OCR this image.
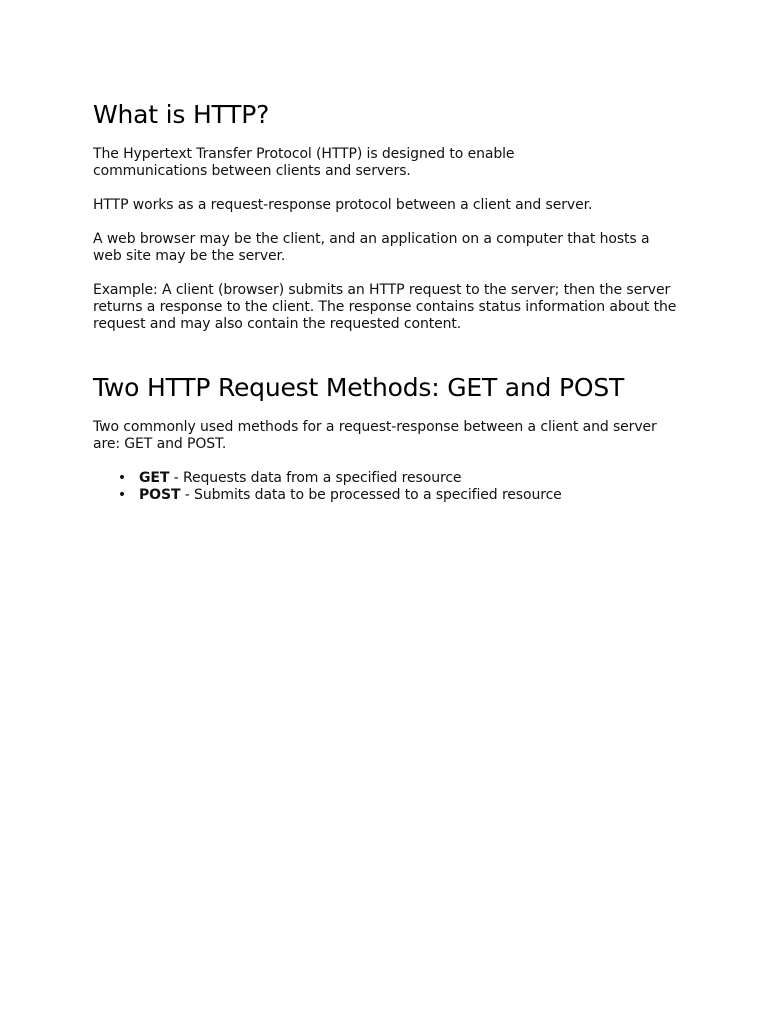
What is HTTP?

The Hypertext Transfer Protocol (HTTP) is designed to enable communications between clients and servers.

HTTP works as a request-response protocol between a client and server.

A web browser may be the client, and an application on a computer that hosts a web site may be the server.

Example: A client (browser) submits an HTTP request to the server; then the server returns a response to the client. The response contains status information about the request and may also contain the requested content.

Two HTTP Request Methods: GET and POST

Two commonly used methods for a request-response between a client and server are: GET and POST.

• GET - Requests data from a specified resource
• POST - Submits data to be processed to a specified resource
